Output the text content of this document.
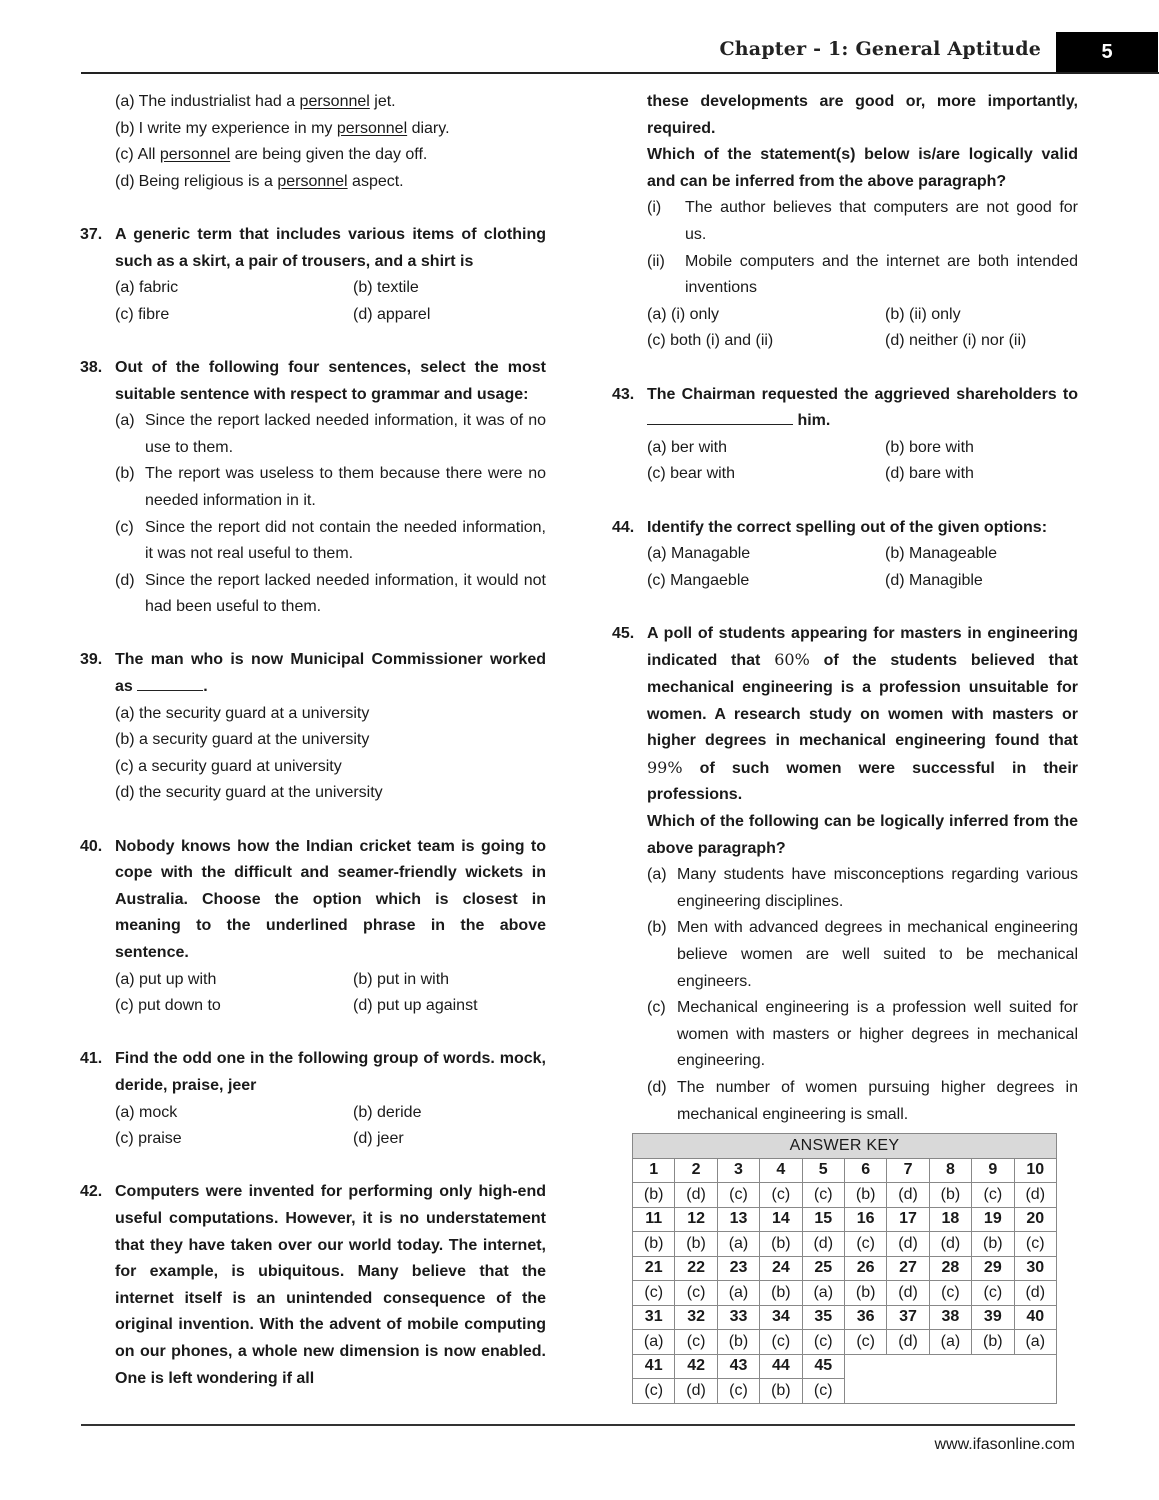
Chapter - 1: General Aptitude	5
(a) The industrialist had a personnel jet.
(b) I write my experience in my personnel diary.
(c) All personnel are being given the day off.
(d) Being religious is a personnel aspect.
37. A generic term that includes various items of clothing such as a skirt, a pair of trousers, and a shirt is
(a) fabric	(b) textile
(c) fibre	(d) apparel
38. Out of the following four sentences, select the most suitable sentence with respect to grammar and usage:
(a) Since the report lacked needed information, it was of no use to them.
(b) The report was useless to them because there were no needed information in it.
(c) Since the report did not contain the needed information, it was not real useful to them.
(d) Since the report lacked needed information, it would not had been useful to them.
39. The man who is now Municipal Commissioner worked as	.
(a) the security guard at a university
(b) a security guard at the university
(c) a security guard at university
(d) the security guard at the university
40. Nobody knows how the Indian cricket team is going to cope with the difficult and seamer-friendly wickets in Australia. Choose the option which is closest in meaning to the underlined phrase in the above sentence.
(a) put up with	(b) put in with
(c) put down to	(d) put up against
41. Find the odd one in the following group of words. mock, deride, praise, jeer
(a) mock	(b) deride
(c) praise	(d) jeer
42. Computers were invented for performing only high-end useful computations. However, it is no understatement that they have taken over our world today. The internet, for example, is ubiquitous. Many believe that the internet itself is an unintended consequence of the original invention. With the advent of mobile computing on our phones, a whole new dimension is now enabled. One is left wondering if all
these developments are good or, more importantly, required.
Which of the statement(s) below is/are logically valid and can be inferred from the above paragraph?
(i)	The author believes that computers are not good for us.
(ii)	Mobile computers and the internet are both intended inventions
(a) (i) only	(b) (ii) only
(c) both (i) and (ii)	(d) neither (i) nor (ii)
43. The Chairman requested the aggrieved shareholders to him.
(a) ber with	(b) bore with
(c) bear with	(d) bare with
44. Identify the correct spelling out of the given options:
(a) Managable	(b) Manageable
(c) Mangaeble	(d) Managible
45. A poll of students appearing for masters in engineering indicated that 60% of the students believed that mechanical engineering is a profession unsuitable for women. A research study on women with masters or higher degrees in mechanical engineering found that 99% of such women were successful in their professions.
Which of the following can be logically inferred from the above paragraph?
(a) Many students have misconceptions regarding various engineering disciplines.
(b) Men with advanced degrees in mechanical engineering believe women are well suited to be mechanical engineers.
(c) Mechanical engineering is a profession well suited for women with masters or higher degrees in mechanical engineering.
(d) The number of women pursuing higher degrees in mechanical engineering is small.
ANSWER KEY									
1	2	3	4	5	6	7	8	9	10
(b)	(d)	(c)	(c)	(c)	(b)	(d)	(b)	(c)	(d)
11	12	13	14	15	16	17	18	19	20
(b)	(b)	(a)	(b)	(d)	(c)	(d)	(d)	(b)	(c)
21	22	23	24	25	26	27	28	29	30
(c)	(c)	(a)	(b)	(a)	(b)	(d)	(c)	(c)	(d)
31	32	33	34	35	36	37	38	39	40
(a)	(c)	(b)	(c)	(c)	(c)	(d)	(a)	(b)	(a)
41	42	43	44	45					
(c)	(d)	(c)	(b)	(c)					
www.ifasonline.com
